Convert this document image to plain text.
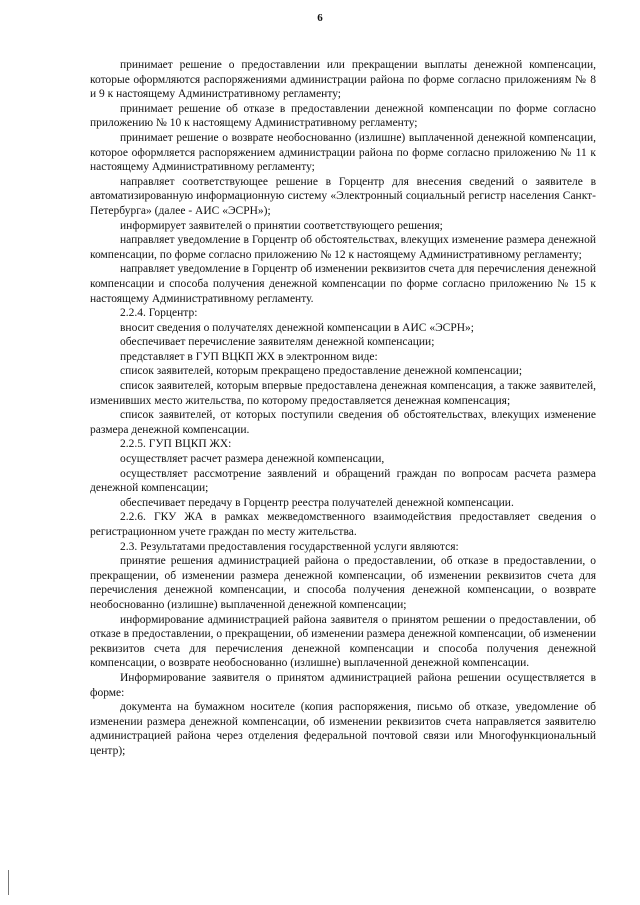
6

принимает решение о предоставлении или прекращении выплаты денежной компенсации, которые оформляются распоряжениями администрации района по форме согласно приложениям № 8 и 9 к настоящему Административному регламенту;

принимает решение об отказе в предоставлении денежной компенсации по форме согласно приложению № 10 к настоящему Административному регламенту;

принимает решение о возврате необоснованно (излишне) выплаченной денежной компенсации, которое оформляется распоряжением администрации района по форме согласно приложению № 11 к настоящему Административному регламенту;

направляет соответствующее решение в Горцентр для внесения сведений о заявителе в автоматизированную информационную систему «Электронный социальный регистр населения Санкт-Петербурга» (далее - АИС «ЭСРН»);

информирует заявителей о принятии соответствующего решения;

направляет уведомление в Горцентр об обстоятельствах, влекущих изменение размера денежной компенсации, по форме согласно приложению № 12 к настоящему Административному регламенту;

направляет уведомление в Горцентр об изменении реквизитов счета для перечисления денежной компенсации и способа получения денежной компенсации по форме согласно приложению № 15 к настоящему Административному регламенту.

2.2.4. Горцентр:

вносит сведения о получателях денежной компенсации в АИС «ЭСРН»;

обеспечивает перечисление заявителям денежной компенсации;

представляет в ГУП ВЦКП ЖХ в электронном виде:

список заявителей, которым прекращено предоставление денежной компенсации;

список заявителей, которым впервые предоставлена денежная компенсация, а также заявителей, изменивших место жительства, по которому предоставляется денежная компенсация;

список заявителей, от которых поступили сведения об обстоятельствах, влекущих изменение размера денежной компенсации.

2.2.5. ГУП ВЦКП ЖХ:

осуществляет расчет размера денежной компенсации,

осуществляет рассмотрение заявлений и обращений граждан по вопросам расчета размера денежной компенсации;

обеспечивает передачу в Горцентр реестра получателей денежной компенсации.

2.2.6. ГКУ ЖА в рамках межведомственного взаимодействия предоставляет сведения о регистрационном учете граждан по месту жительства.

2.3. Результатами предоставления государственной услуги являются:

принятие решения администрацией района о предоставлении, об отказе в предоставлении, о прекращении, об изменении размера денежной компенсации, об изменении реквизитов счета для перечисления денежной компенсации, и способа получения денежной компенсации, о возврате необоснованно (излишне) выплаченной денежной компенсации;

информирование администрацией района заявителя о принятом решении о предоставлении, об отказе в предоставлении, о прекращении, об изменении размера денежной компенсации, об изменении реквизитов счета для перечисления денежной компенсации и способа получения денежной компенсации, о возврате необоснованно (излишне) выплаченной денежной компенсации.

Информирование заявителя о принятом администрацией района решении осуществляется в форме:

документа на бумажном носителе (копия распоряжения, письмо об отказе, уведомление об изменении размера денежной компенсации, об изменении реквизитов счета направляется заявителю администрацией района через отделения федеральной почтовой связи или Многофункциональный центр);
